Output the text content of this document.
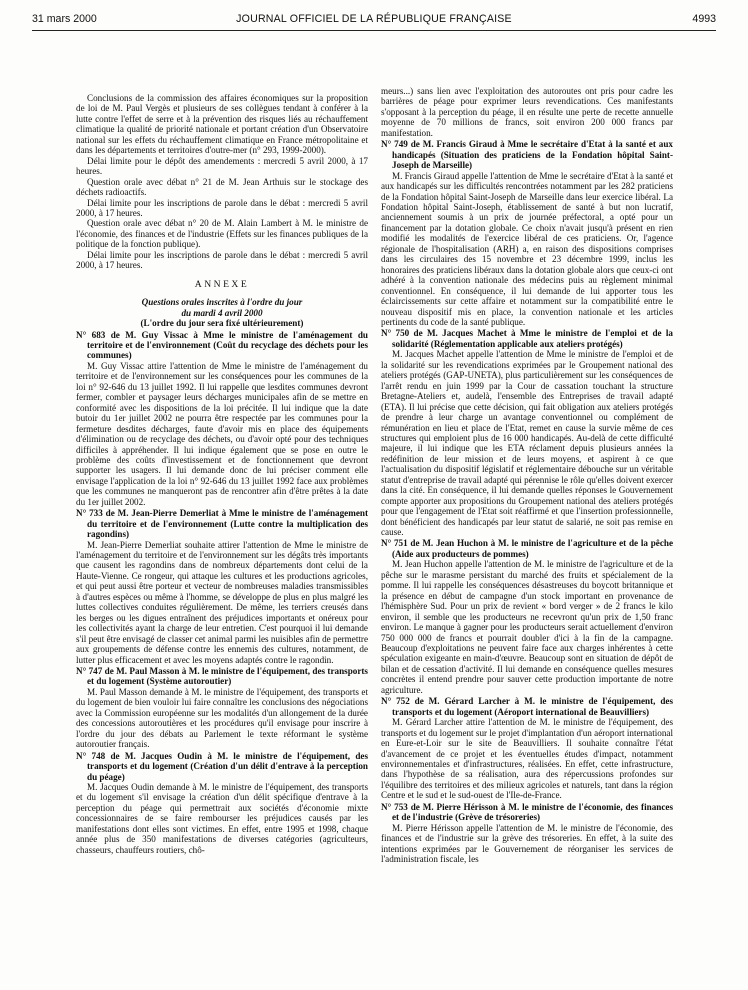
31 mars 2000	JOURNAL OFFICIEL DE LA RÉPUBLIQUE FRANÇAISE	4993

Conclusions de la commission des affaires économiques sur la proposition de loi de M. Paul Vergès et plusieurs de ses collègues tendant à conférer à la lutte contre l'effet de serre et à la prévention des risques liés au réchauffement climatique la qualité de priorité nationale et portant création d'un Observatoire national sur les effets du réchauffement climatique en France métropolitaine et dans les départements et territoires d'outre-mer (n° 293, 1999-2000).

Délai limite pour le dépôt des amendements : mercredi 5 avril 2000, à 17 heures.

Question orale avec débat n° 21 de M. Jean Arthuis sur le stockage des déchets radioactifs.

Délai limite pour les inscriptions de parole dans le débat : mercredi 5 avril 2000, à 17 heures.

Question orale avec débat n° 20 de M. Alain Lambert à M. le ministre de l'économie, des finances et de l'industrie (Effets sur les finances publiques de la politique de la fonction publique).

Délai limite pour les inscriptions de parole dans le débat : mercredi 5 avril 2000, à 17 heures.

ANNEXE

Questions orales inscrites à l'ordre du jour

du mardi 4 avril 2000

(L'ordre du jour sera fixé ultérieurement)

N° 683 de M. Guy Vissac à Mme le ministre de l'aménagement du territoire et de l'environnement (Coût du recyclage des déchets pour les communes)

M. Guy Vissac attire l'attention de Mme le ministre de l'aménagement du territoire et de l'environnement sur les conséquences pour les communes de la loi n° 92-646 du 13 juillet 1992. Il lui rappelle que lesdites communes devront fermer, combler et paysager leurs décharges municipales afin de se mettre en conformité avec les dispositions de la loi précitée. Il lui indique que la date butoir du 1er juillet 2002 ne pourra être respectée par les communes pour la fermeture desdites décharges, faute d'avoir mis en place des équipements d'élimination ou de recyclage des déchets, ou d'avoir opté pour des techniques difficiles à appréhender. Il lui indique également que se pose en outre le problème des coûts d'investissement et de fonctionnement que devront supporter les usagers. Il lui demande donc de lui préciser comment elle envisage l'application de la loi n° 92-646 du 13 juillet 1992 face aux problèmes que les communes ne manqueront pas de rencontrer afin d'être prêtes à la date du 1er juillet 2002.

N° 733 de M. Jean-Pierre Demerliat à Mme le ministre de l'aménagement du territoire et de l'environnement (Lutte contre la multiplication des ragondins)

M. Jean-Pierre Demerliat souhaite attirer l'attention de Mme le ministre de l'aménagement du territoire et de l'environnement sur les dégâts très importants que causent les ragondins dans de nombreux départements dont celui de la Haute-Vienne. Ce rongeur, qui attaque les cultures et les productions agricoles, et qui peut aussi être porteur et vecteur de nombreuses maladies transmissibles à d'autres espèces ou même à l'homme, se développe de plus en plus malgré les luttes collectives conduites régulièrement. De même, les terriers creusés dans les berges ou les digues entraînent des préjudices importants et onéreux pour les collectivités ayant la charge de leur entretien. C'est pourquoi il lui demande s'il peut être envisagé de classer cet animal parmi les nuisibles afin de permettre aux groupements de défense contre les ennemis des cultures, notamment, de lutter plus efficacement et avec les moyens adaptés contre le ragondin.

N° 747 de M. Paul Masson à M. le ministre de l'équipement, des transports et du logement (Système autoroutier)

M. Paul Masson demande à M. le ministre de l'équipement, des transports et du logement de bien vouloir lui faire connaître les conclusions des négociations avec la Commission européenne sur les modalités d'un allongement de la durée des concessions autoroutières et les procédures qu'il envisage pour inscrire à l'ordre du jour des débats au Parlement le texte réformant le système autoroutier français.

N° 748 de M. Jacques Oudin à M. le ministre de l'équipement, des transports et du logement (Création d'un délit d'entrave à la perception du péage)

M. Jacques Oudin demande à M. le ministre de l'équipement, des transports et du logement s'il envisage la création d'un délit spécifique d'entrave à la perception du péage qui permettrait aux sociétés d'économie mixte concessionnaires de se faire rembourser les préjudices causés par les manifestations dont elles sont victimes. En effet, entre 1995 et 1998, chaque année plus de 350 manifestations de diverses catégories (agriculteurs, chasseurs, chauffeurs routiers, chô-

meurs...) sans lien avec l'exploitation des autoroutes ont pris pour cadre les barrières de péage pour exprimer leurs revendications. Ces manifestants s'opposant à la perception du péage, il en résulte une perte de recette annuelle moyenne de 70 millions de francs, soit environ 200 000 francs par manifestation.

N° 749 de M. Francis Giraud à Mme le secrétaire d'Etat à la santé et aux handicapés (Situation des praticiens de la Fondation hôpital Saint-Joseph de Marseille)

M. Francis Giraud appelle l'attention de Mme le secrétaire d'Etat à la santé et aux handicapés sur les difficultés rencontrées notamment par les 282 praticiens de la Fondation hôpital Saint-Joseph de Marseille dans leur exercice libéral. La Fondation hôpital Saint-Joseph, établissement de santé à but non lucratif, anciennement soumis à un prix de journée préfectoral, a opté pour un financement par la dotation globale. Ce choix n'avait jusqu'à présent en rien modifié les modalités de l'exercice libéral de ces praticiens. Or, l'agence régionale de l'hospitalisation (ARH) a, en raison des dispositions comprises dans les circulaires des 15 novembre et 23 décembre 1999, inclus les honoraires des praticiens libéraux dans la dotation globale alors que ceux-ci ont adhéré à la convention nationale des médecins puis au règlement minimal conventionnel. En conséquence, il lui demande de lui apporter tous les éclaircissements sur cette affaire et notamment sur la compatibilité entre le nouveau dispositif mis en place, la convention nationale et les articles pertinents du code de la santé publique.

N° 750 de M. Jacques Machet à Mme le ministre de l'emploi et de la solidarité (Réglementation applicable aux ateliers protégés)

M. Jacques Machet appelle l'attention de Mme le ministre de l'emploi et de la solidarité sur les revendications exprimées par le Groupement national des ateliers protégés (GAP-UNETA), plus particulièrement sur les conséquences de l'arrêt rendu en juin 1999 par la Cour de cassation touchant la structure Bretagne-Ateliers et, audelà, l'ensemble des Entreprises de travail adapté (ETA). Il lui précise que cette décision, qui fait obligation aux ateliers protégés de prendre à leur charge un avantage conventionnel ou complément de rémunération en lieu et place de l'Etat, remet en cause la survie même de ces structures qui emploient plus de 16 000 handicapés. Au-delà de cette difficulté majeure, il lui indique que les ETA réclament depuis plusieurs années la redéfinition de leur mission et de leurs moyens, et aspirent à ce que l'actualisation du dispositif législatif et réglementaire débouche sur un véritable statut d'entreprise de travail adapté qui pérennise le rôle qu'elles doivent exercer dans la cité. En conséquence, il lui demande quelles réponses le Gouvernement compte apporter aux propositions du Groupement national des ateliers protégés pour que l'engagement de l'Etat soit réaffirmé et que l'insertion professionnelle, dont bénéficient des handicapés par leur statut de salarié, ne soit pas remise en cause.

N° 751 de M. Jean Huchon à M. le ministre de l'agriculture et de la pêche (Aide aux producteurs de pommes)

M. Jean Huchon appelle l'attention de M. le ministre de l'agriculture et de la pêche sur le marasme persistant du marché des fruits et spécialement de la pomme. Il lui rappelle les conséquences désastreuses du boycott britannique et la présence en début de campagne d'un stock important en provenance de l'hémisphère Sud. Pour un prix de revient « bord verger » de 2 francs le kilo environ, il semble que les producteurs ne recevront qu'un prix de 1,50 franc environ. Le manque à gagner pour les producteurs serait actuellement d'environ 750 000 000 de francs et pourrait doubler d'ici à la fin de la campagne. Beaucoup d'exploitations ne peuvent faire face aux charges inhérentes à cette spéculation exigeante en main-d'œuvre. Beaucoup sont en situation de dépôt de bilan et de cessation d'activité. Il lui demande en conséquence quelles mesures concrètes il entend prendre pour sauver cette production importante de notre agriculture.

N° 752 de M. Gérard Larcher à M. le ministre de l'équipement, des transports et du logement (Aéroport international de Beauvilliers)

M. Gérard Larcher attire l'attention de M. le ministre de l'équipement, des transports et du logement sur le projet d'implantation d'un aéroport international en Eure-et-Loir sur le site de Beauvilliers. Il souhaite connaître l'état d'avancement de ce projet et les éventuelles études d'impact, notamment environnementales et d'infrastructures, réalisées. En effet, cette infrastructure, dans l'hypothèse de sa réalisation, aura des répercussions profondes sur l'équilibre des territoires et des milieux agricoles et naturels, tant dans la région Centre et le sud et le sud-ouest de l'Ile-de-France.

N° 753 de M. Pierre Hérisson à M. le ministre de l'économie, des finances et de l'industrie (Grève de trésoreries)

M. Pierre Hérisson appelle l'attention de M. le ministre de l'économie, des finances et de l'industrie sur la grève des trésoreries. En effet, à la suite des intentions exprimées par le Gouvernement de réorganiser les services de l'administration fiscale, les
